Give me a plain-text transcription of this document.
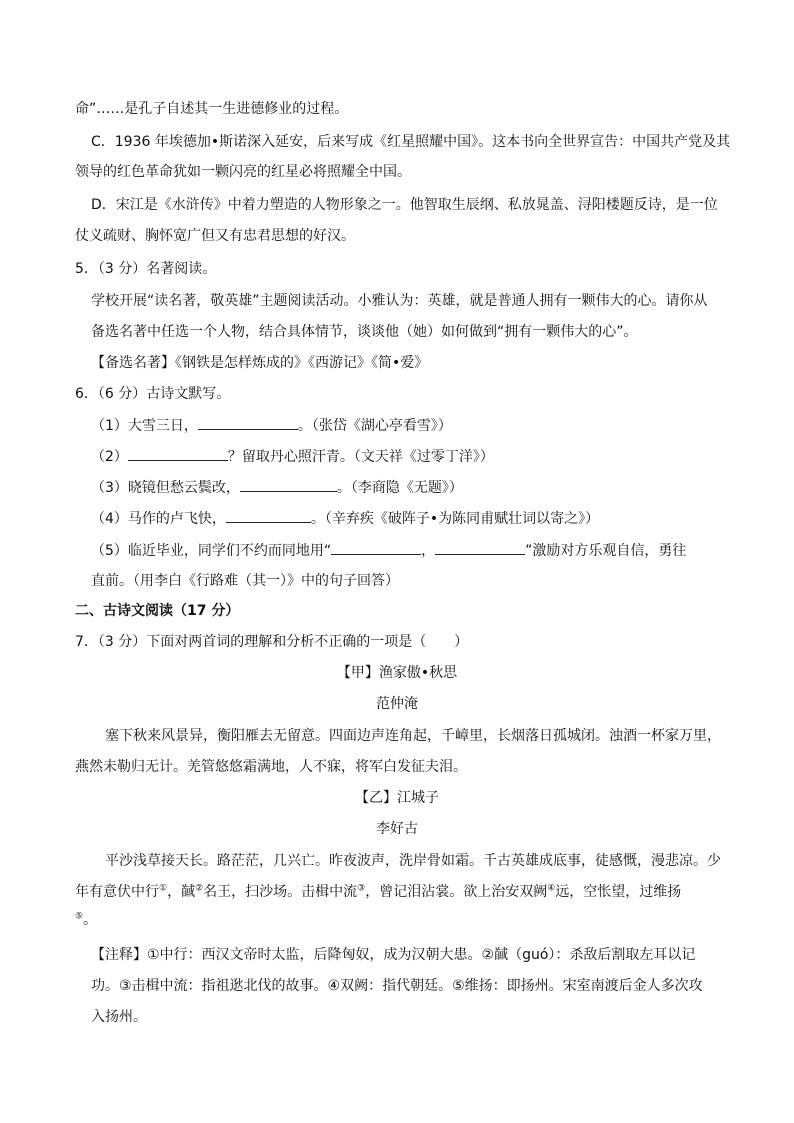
命”……是孔子自述其一生进德修业的过程。
C．1936 年埃德加•斯诺深入延安，后来写成《红星照耀中国》。这本书向全世界宣告：中国共产党及其
领导的红色革命犹如一颗闪亮的红星必将照耀全中国。
D．宋江是《水浒传》中着力塑造的人物形象之一。他智取生辰纲、私放晁盖、浔阳楼题反诗，是一位
仗义疏财、胸怀宽广但又有忠君思想的好汉。
5．（3 分）名著阅读。
学校开展“读名著，敬英雄”主题阅读活动。小雅认为：英雄，就是普通人拥有一颗伟大的心。请你从
备选名著中任选一个人物，结合具体情节，谈谈他（她）如何做到“拥有一颗伟大的心”。
【备选名著】《钢铁是怎样炼成的》《西游记》《简•爱》
6．（6 分）古诗文默写。
（1）大雪三日，	。（张岱《湖心亭看雪》）
（2）	？留取丹心照汗青。（文天祥《过零丁洋》）
（3）晓镜但愁云鬓改，	。（李商隐《无题》）
（4）马作的卢飞快，	。（辛弃疾《破阵子•为陈同甫赋壮词以寄之》）
（5）临近毕业，同学们不约而同地用“	，	”激励对方乐观自信，勇往
直前。（用李白《行路难（其一）》中的句子回答）
二、古诗文阅读（17 分）
7．（3 分）下面对两首词的理解和分析不正确的一项是（　　）
【甲】渔家傲•秋思
范仲淹
塞下秋来风景异，衡阳雁去无留意。四面边声连角起，千嶂里，长烟落日孤城闭。浊酒一杯家万里，
燕然未勒归无计。羌管悠悠霜满地，人不寐，将军白发征夫泪。
【乙】江城子
李好古
平沙浅草接天长。路茫茫，几兴亡。昨夜波声，洗岸骨如霜。千古英雄成底事，徒感慨，漫悲凉。少
年有意伏中行①，馘②名王，扫沙场。击楫中流③，曾记泪沾裳。欲上治安双阙④远，空怅望，过维扬
⑤。
【注释】①中行：西汉文帝时太监，后降匈奴，成为汉朝大患。②馘（guó）：杀敌后割取左耳以记
功。③击楫中流：指祖逖北伐的故事。④双阙：指代朝廷。⑤维扬：即扬州。宋室南渡后金人多次攻
入扬州。
